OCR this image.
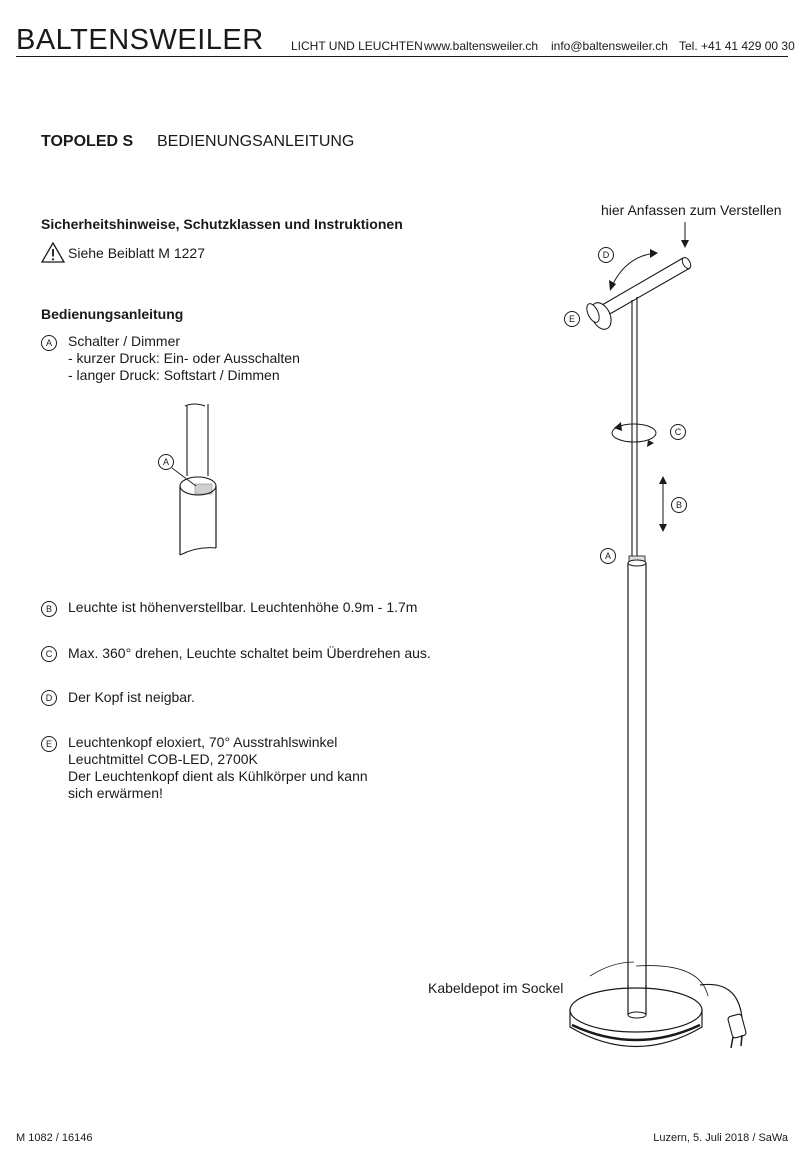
BALTENSWEILER LICHT UND LEUCHTEN www.baltensweiler.ch info@baltensweiler.ch Tel. +41 41 429 00 30
TOPOLED S BEDIENUNGSANLEITUNG
Sicherheitshinweise, Schutzklassen und Instruktionen
Siehe Beiblatt M 1227
Bedienungsanleitung
A	Schalter / Dimmer
- kurzer Druck: Ein- oder Ausschalten
- langer Druck: Softstart / Dimmen
A
B	Leuchte ist höhenverstellbar. Leuchtenhöhe 0.9m - 1.7m
C	Max. 360° drehen, Leuchte schaltet beim Überdrehen aus.
D	Der Kopf ist neigbar.
E	Leuchtenkopf eloxiert, 70° Ausstrahlswinkel
Leuchtmittel COB-LED, 2700K
Der Leuchtenkopf dient als Kühlkörper und kann
sich erwärmen!
hier Anfassen zum Verstellen
Kabeldepot im Sockel
D
E
C
B
A
M 1082 / 16146	Luzern, 5. Juli 2018 / SaWa
